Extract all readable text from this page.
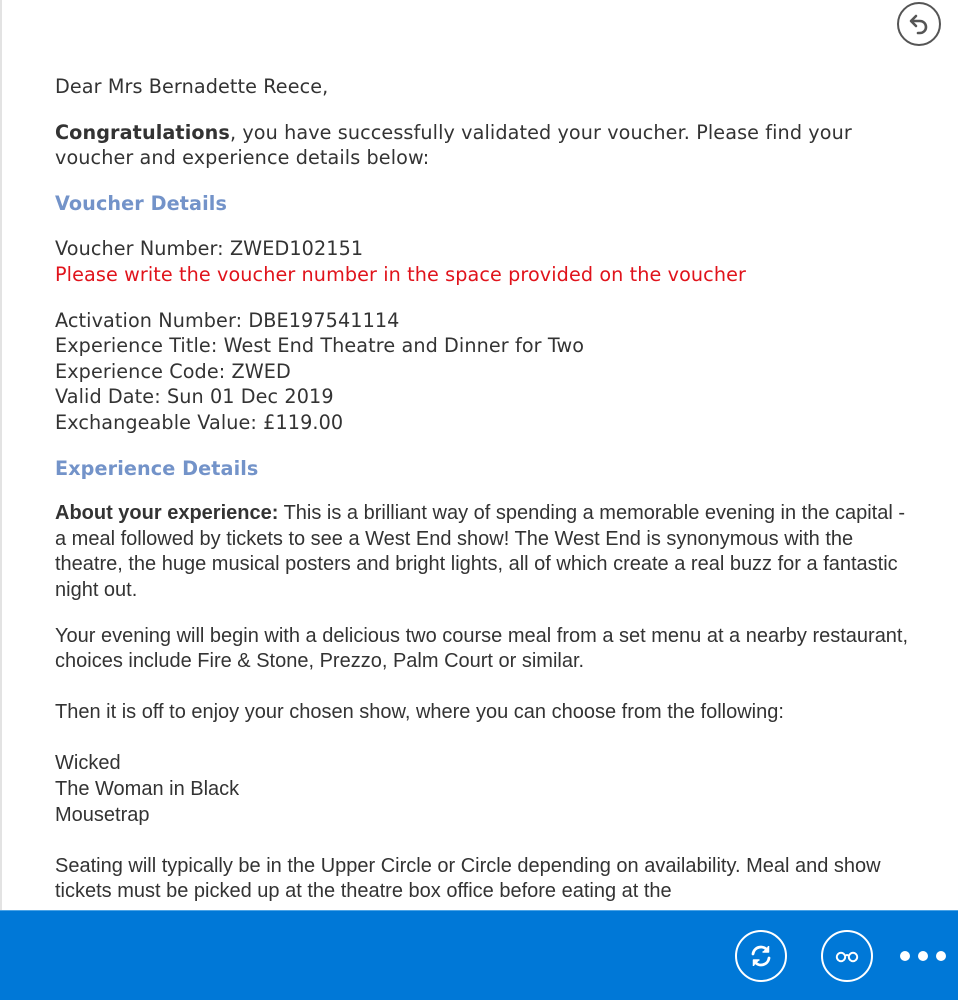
Dear Mrs Bernadette Reece,

Congratulations, you have successfully validated your voucher. Please find your voucher and experience details below:

Voucher Details

Voucher Number: ZWED102151

Please write the voucher number in the space provided on the voucher

Activation Number: DBE197541114

Experience Title: West End Theatre and Dinner for Two

Experience Code: ZWED

Valid Date: Sun 01 Dec 2019

Exchangeable Value: £119.00

Experience Details

About your experience: This is a brilliant way of spending a memorable evening in the capital - a meal followed by tickets to see a West End show! The West End is synonymous with the theatre, the huge musical posters and bright lights, all of which create a real buzz for a fantastic night out.

Your evening will begin with a delicious two course meal from a set menu at a nearby restaurant, choices include Fire & Stone, Prezzo, Palm Court or similar.

Then it is off to enjoy your chosen show, where you can choose from the following:

Wicked

The Woman in Black

Mousetrap

Seating will typically be in the Upper Circle or Circle depending on availability. Meal and show tickets must be picked up at the theatre box office before eating at the
